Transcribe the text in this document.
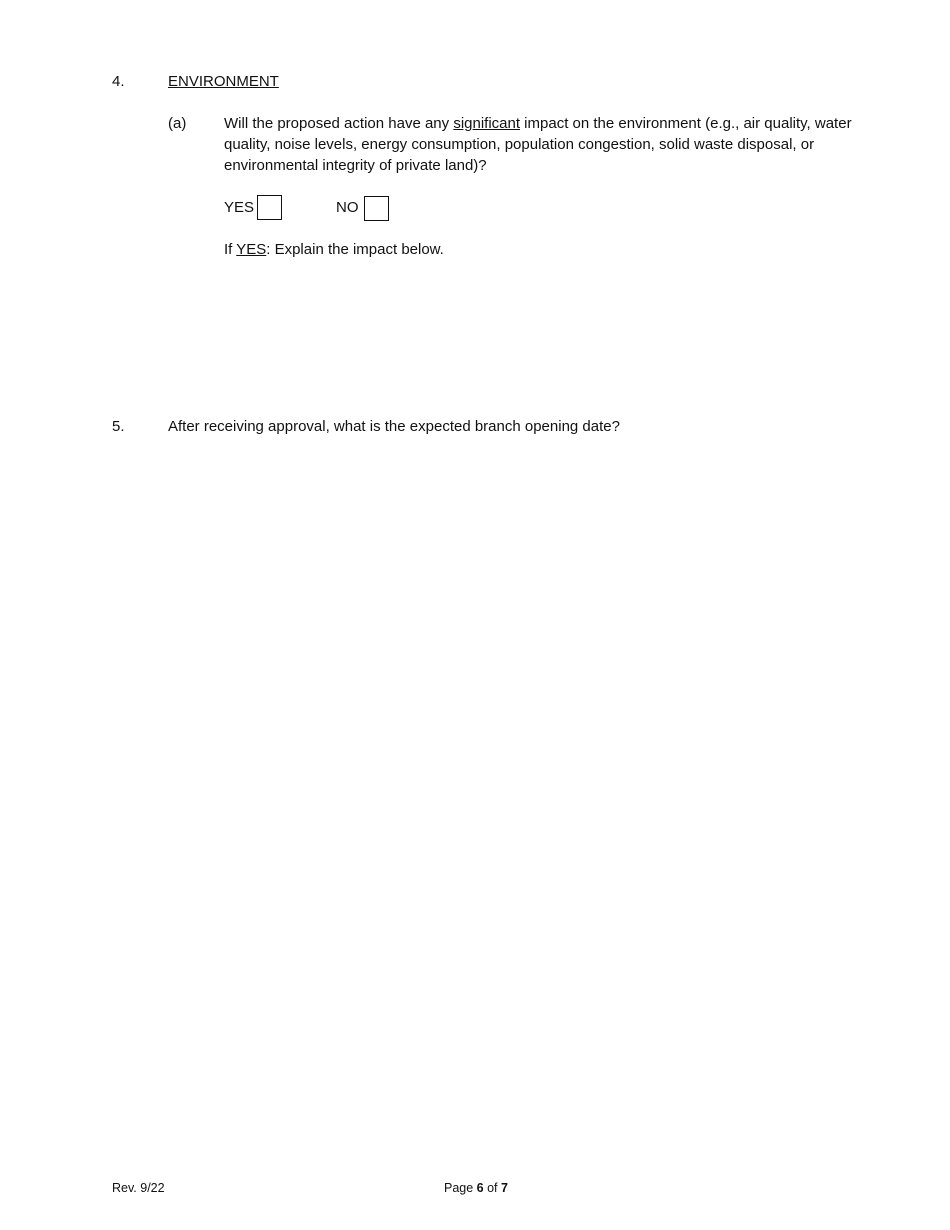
4.	ENVIRONMENT
(a)	Will the proposed action have any significant impact on the environment (e.g., air quality, water
quality, noise levels, energy consumption, population congestion, solid waste disposal, or
environmental integrity of private land)?
YES	NO
If YES: Explain the impact below.
5.	After receiving approval, what is the expected branch opening date?
Rev. 9/22	Page 6 of 7
